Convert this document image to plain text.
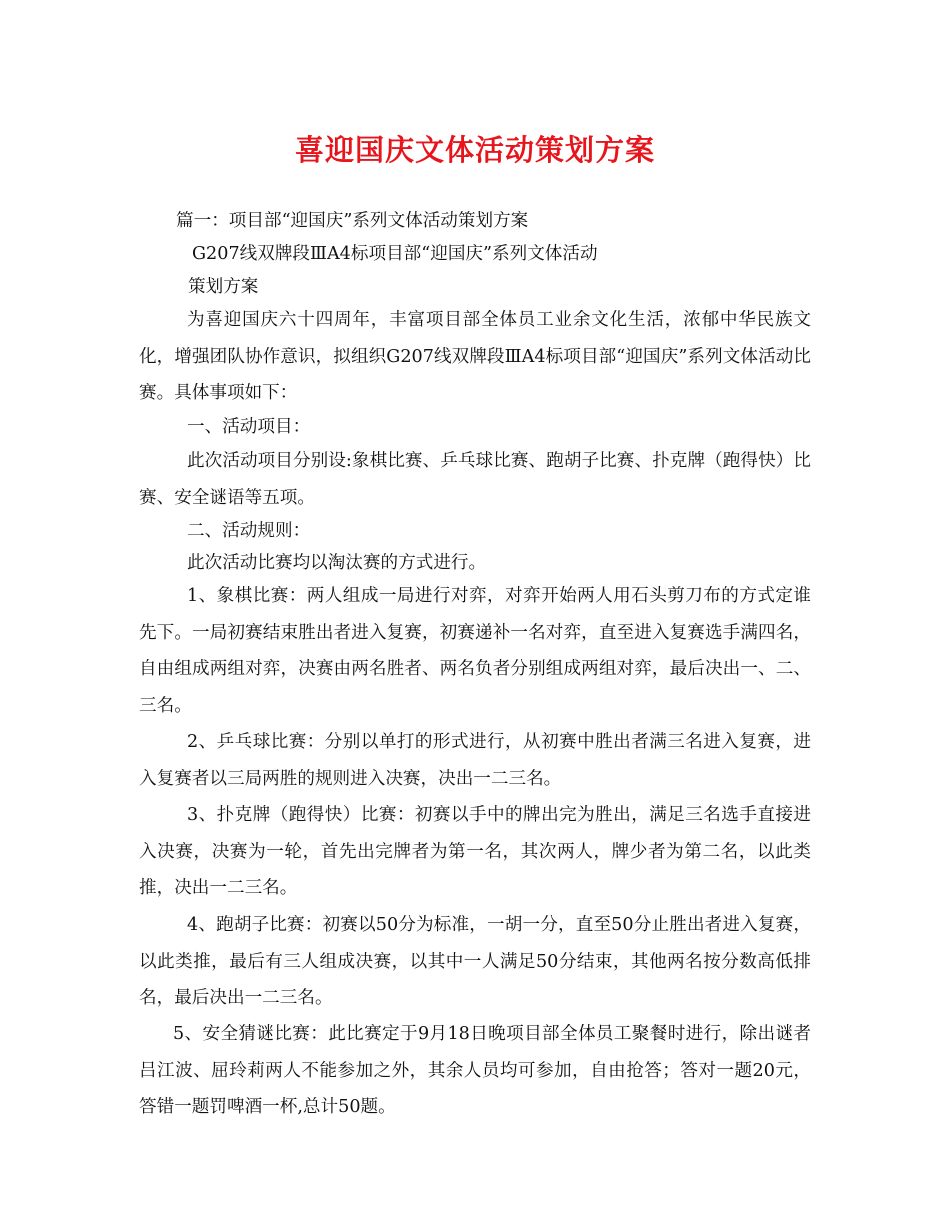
喜迎国庆文体活动策划方案
篇一：项目部“迎国庆”系列文体活动策划方案
G207线双牌段ⅢA4标项目部“迎国庆”系列文体活动
策划方案
为喜迎国庆六十四周年，丰富项目部全体员工业余文化生活，浓郁中华民族文化，增强团队协作意识，拟组织G207线双牌段ⅢA4标项目部“迎国庆”系列文体活动比赛。具体事项如下：
一、活动项目：
此次活动项目分别设:象棋比赛、乒乓球比赛、跑胡子比赛、扑克牌（跑得快）比赛、安全谜语等五项。
二、活动规则：
此次活动比赛均以淘汰赛的方式进行。
1、象棋比赛：两人组成一局进行对弈，对弈开始两人用石头剪刀布的方式定谁先下。一局初赛结束胜出者进入复赛，初赛递补一名对弈，直至进入复赛选手满四名，自由组成两组对弈，决赛由两名胜者、两名负者分别组成两组对弈，最后决出一、二、三名。
2、乒乓球比赛：分别以单打的形式进行，从初赛中胜出者满三名进入复赛，进入复赛者以三局两胜的规则进入决赛，决出一二三名。
3、扑克牌（跑得快）比赛：初赛以手中的牌出完为胜出，满足三名选手直接进入决赛，决赛为一轮，首先出完牌者为第一名，其次两人，牌少者为第二名，以此类推，决出一二三名。
4、跑胡子比赛：初赛以50分为标准，一胡一分，直至50分止胜出者进入复赛，以此类推，最后有三人组成决赛，以其中一人满足50分结束，其他两名按分数高低排名，最后决出一二三名。
5、安全猜谜比赛：此比赛定于9月18日晚项目部全体员工聚餐时进行，除出谜者吕江波、屈玲莉两人不能参加之外，其余人员均可参加，自由抢答；答对一题20元，答错一题罚啤酒一杯,总计50题。
